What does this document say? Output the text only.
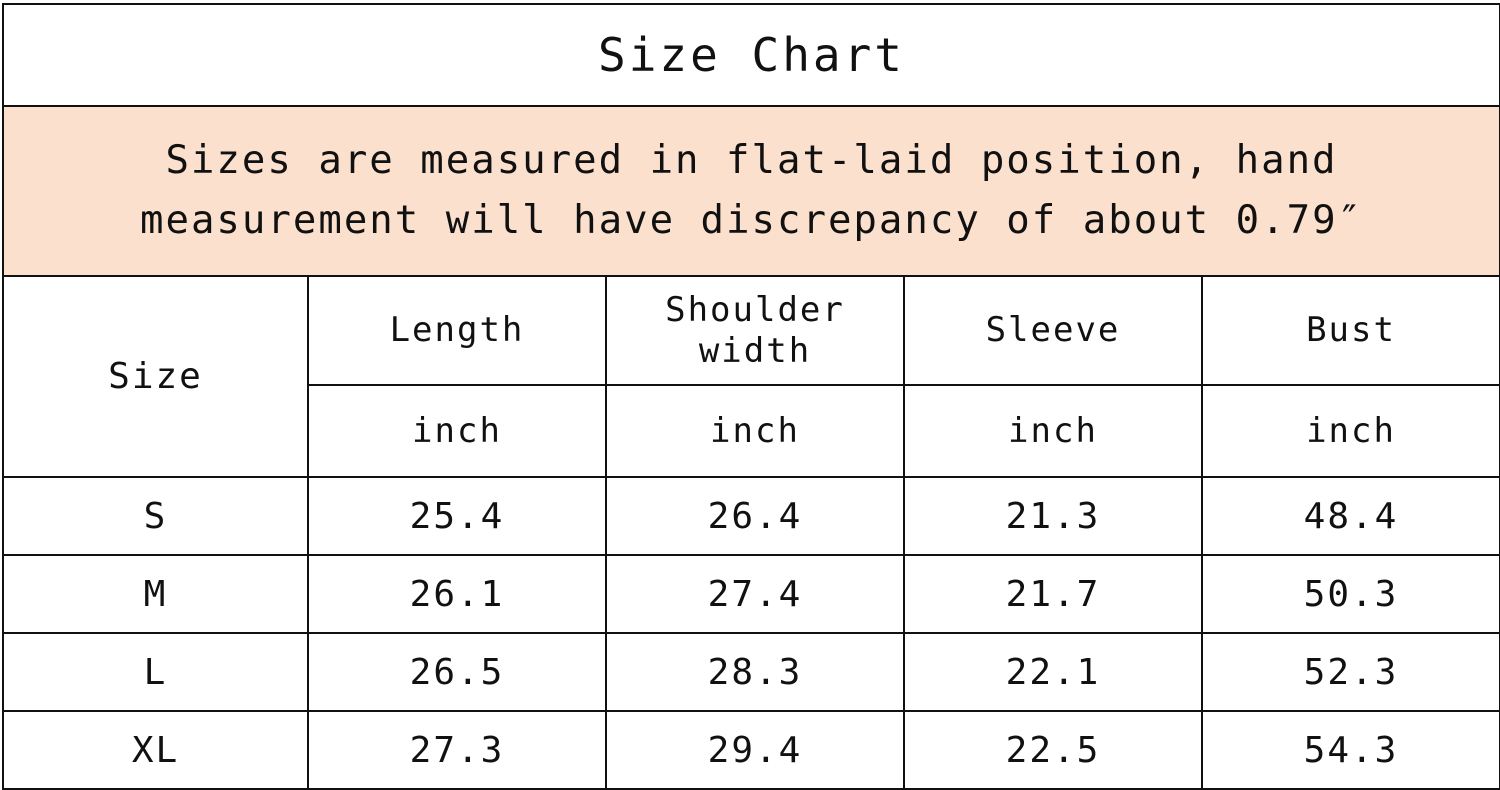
Size Chart				
Sizes are measured in flat-laid position, hand measurement will have discrepancy of about 0.79″				
Size	Length	Shoulder width	Sleeve	Bust
	inch	inch	inch	inch
S	25.4	26.4	21.3	48.4
M	26.1	27.4	21.7	50.3
L	26.5	28.3	22.1	52.3
XL	27.3	29.4	22.5	54.3
